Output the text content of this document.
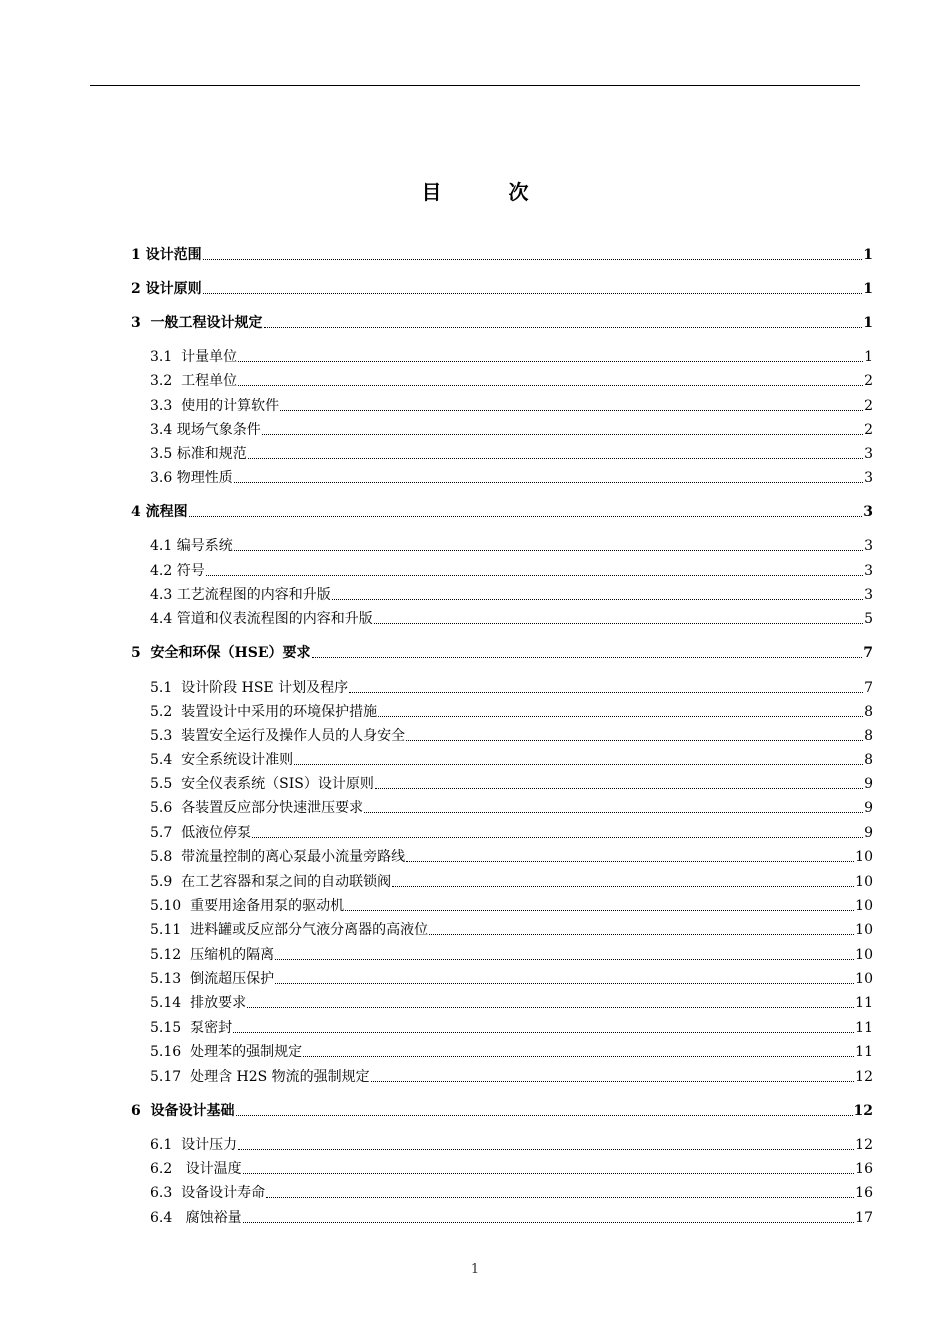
目	次
1 设计范围	1
2 设计原则	1
3  一般工程设计规定	1
3.1  计量单位	1
3.2  工程单位	2
3.3  使用的计算软件	2
3.4 现场气象条件	2
3.5 标准和规范	3
3.6 物理性质	3
4 流程图	3
4.1 编号系统	3
4.2 符号	3
4.3 工艺流程图的内容和升版	3
4.4 管道和仪表流程图的内容和升版	5
5  安全和环保（HSE）要求	7
5.1  设计阶段 HSE 计划及程序	7
5.2  装置设计中采用的环境保护措施	8
5.3  装置安全运行及操作人员的人身安全	8
5.4  安全系统设计准则	8
5.5  安全仪表系统（SIS）设计原则	9
5.6  各装置反应部分快速泄压要求	9
5.7  低液位停泵	9
5.8  带流量控制的离心泵最小流量旁路线	10
5.9  在工艺容器和泵之间的自动联锁阀	10
5.10  重要用途备用泵的驱动机	10
5.11  进料罐或反应部分气液分离器的高液位	10
5.12  压缩机的隔离	10
5.13  倒流超压保护	10
5.14  排放要求	11
5.15  泵密封	11
5.16  处理苯的强制规定	11
5.17  处理含 H2S 物流的强制规定	12
6  设备设计基础	12
6.1  设计压力	12
6.2   设计温度	16
6.3  设备设计寿命	16
6.4   腐蚀裕量	17
1
